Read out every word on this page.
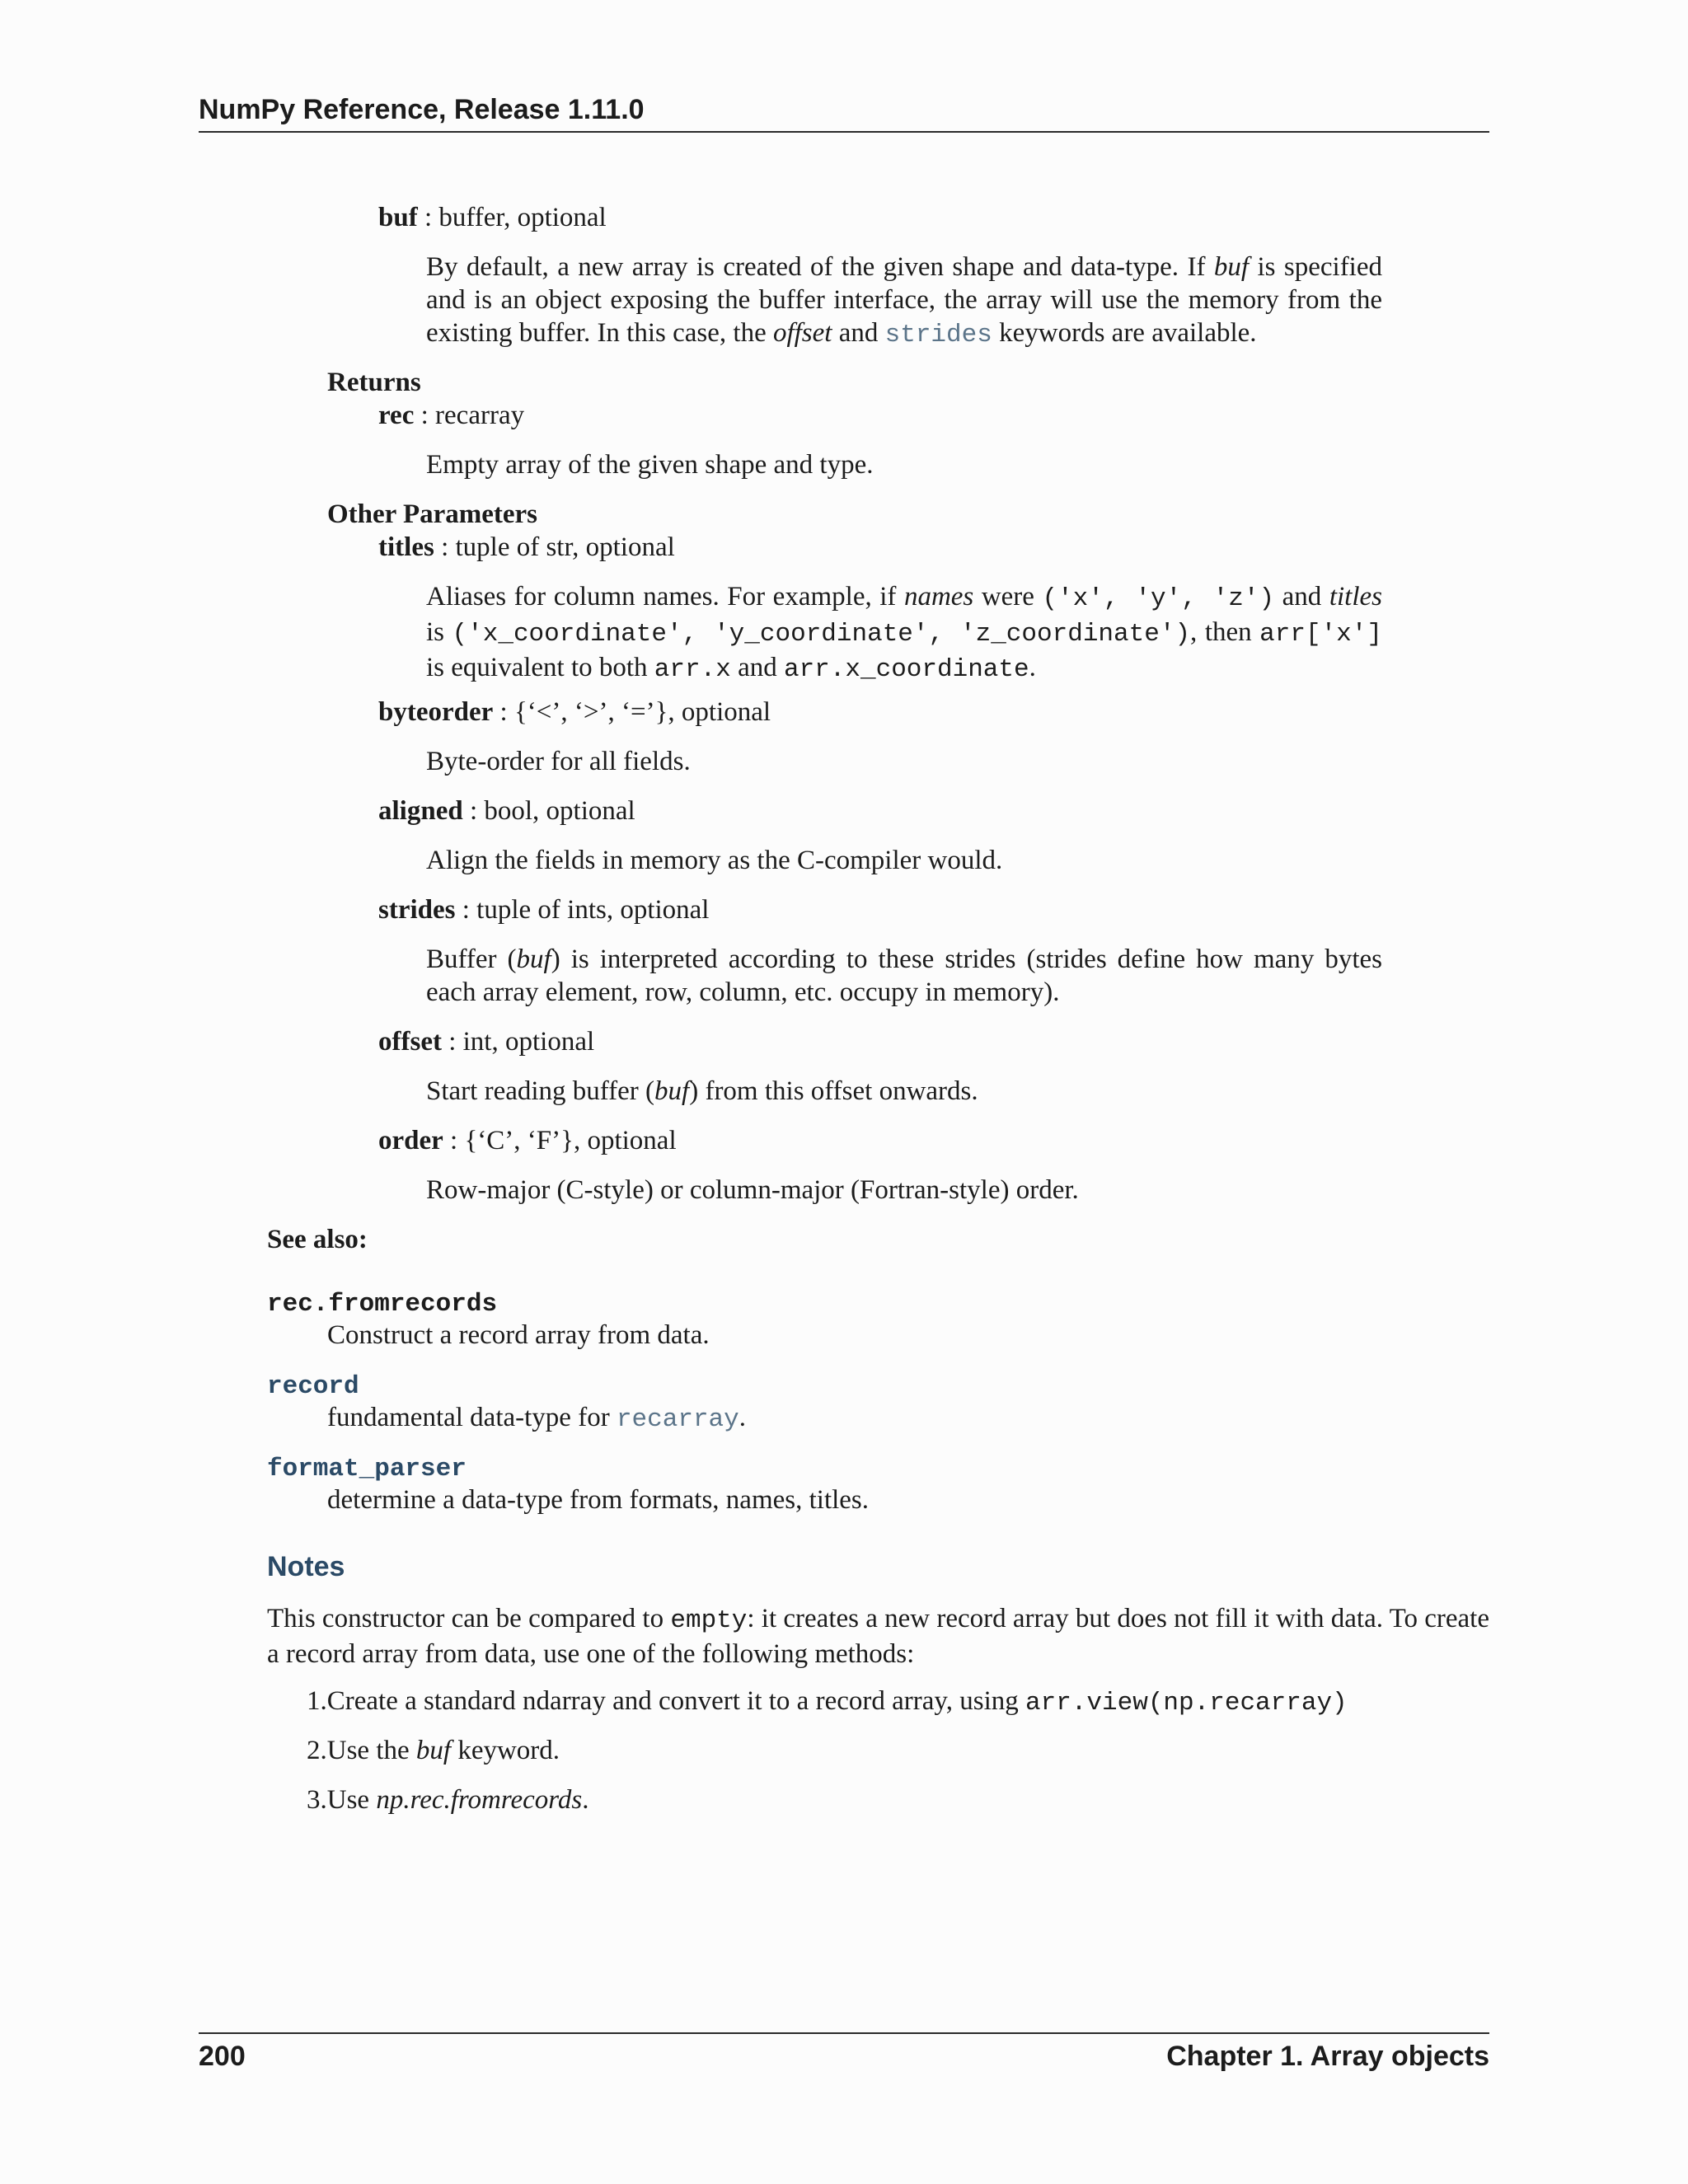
NumPy Reference, Release 1.11.0
buf : buffer, optional
By default, a new array is created of the given shape and data-type. If buf is specified and is an object exposing the buffer interface, the array will use the memory from the existing buffer. In this case, the offset and strides keywords are available.
Returns
rec : recarray
Empty array of the given shape and type.
Other Parameters
titles : tuple of str, optional
Aliases for column names. For example, if names were ('x', 'y', 'z') and titles is ('x_coordinate', 'y_coordinate', 'z_coordinate'), then arr['x'] is equivalent to both arr.x and arr.x_coordinate.
byteorder : {‘<’, ‘>’, ‘=’}, optional
Byte-order for all fields.
aligned : bool, optional
Align the fields in memory as the C-compiler would.
strides : tuple of ints, optional
Buffer (buf) is interpreted according to these strides (strides define how many bytes each array element, row, column, etc. occupy in memory).
offset : int, optional
Start reading buffer (buf) from this offset onwards.
order : {‘C’, ‘F’}, optional
Row-major (C-style) or column-major (Fortran-style) order.
See also:
rec.fromrecords
Construct a record array from data.
record
fundamental data-type for recarray.
format_parser
determine a data-type from formats, names, titles.
Notes
This constructor can be compared to empty: it creates a new record array but does not fill it with data. To create a record array from data, use one of the following methods:
1.Create a standard ndarray and convert it to a record array, using arr.view(np.recarray)
2.Use the buf keyword.
3.Use np.rec.fromrecords.
200	Chapter 1. Array objects
